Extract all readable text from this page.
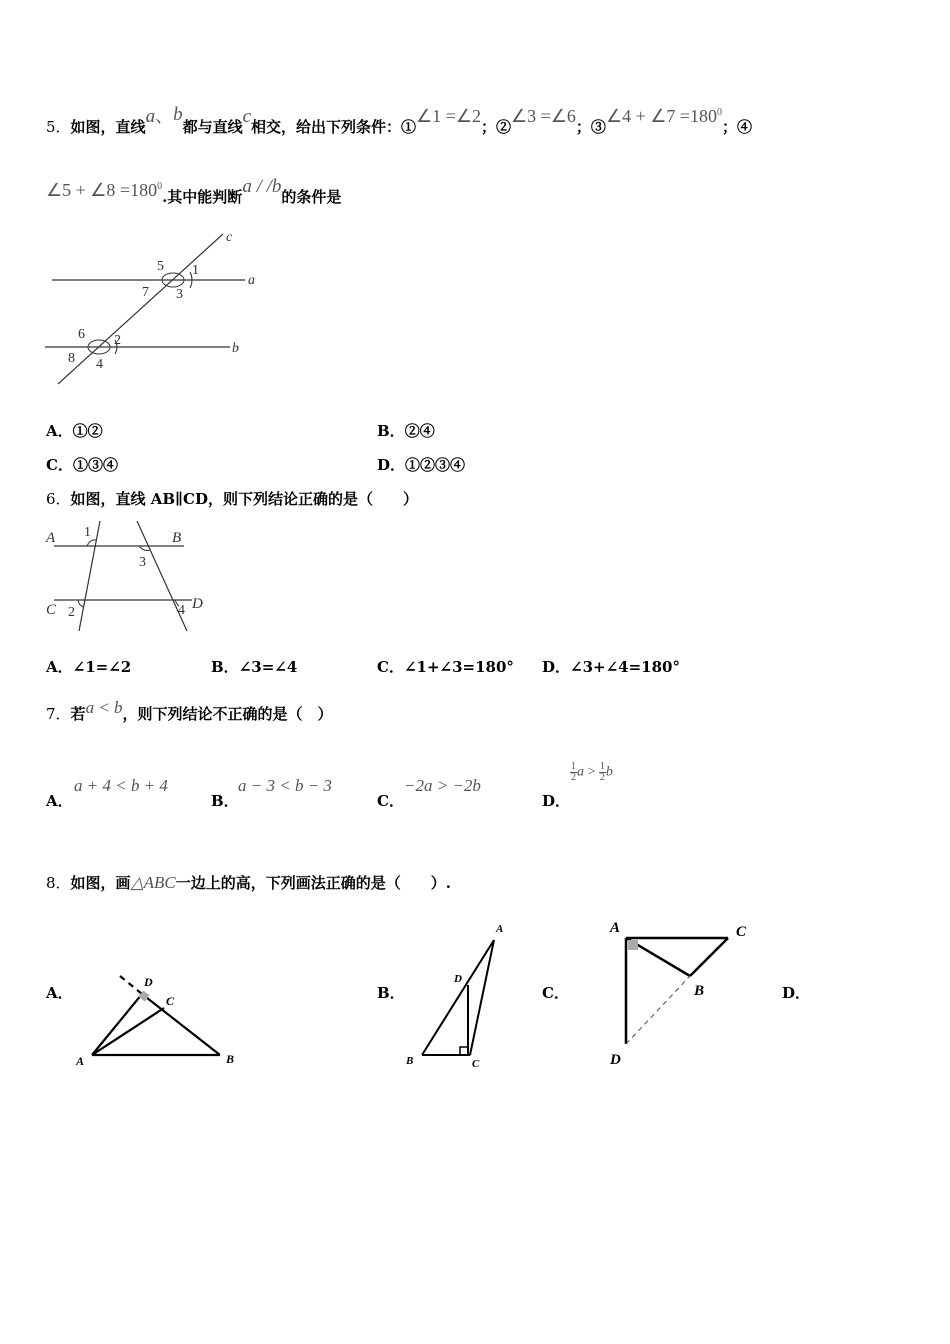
5．如图，直线a、b都与直线c相交，给出下列条件：①∠1 =∠2；②∠3 =∠6；③∠4 + ∠7 $=180^0$；④
∠5 + ∠8 $=180^0$.其中能判断a / /b的条件是
c
a
b
5 1
7 3
6 2
8 4
A．①②	B．②④
C．①③④	D．①②③④
6．如图，直线 AB∥CD，则下列结论正确的是（　　）
A	B
C	D
1
2
3
4
A．∠1=∠2	B．∠3=∠4	C．∠1+∠3=180° D．∠3+∠4=180°
7．若a < b，则下列结论不正确的是（　）
A．
a + 4 < b + 4
B．
a − 3 < b − 3
C．
−2a > −2b
D．
$\frac{1}{2}a > \frac{1}{2}b$
8．如图，画△ABC一边上的高，下列画法正确的是（　　）.
A．	B．	C．	D．
A	B
C
D
A
B	C
D
A	C
B
D
